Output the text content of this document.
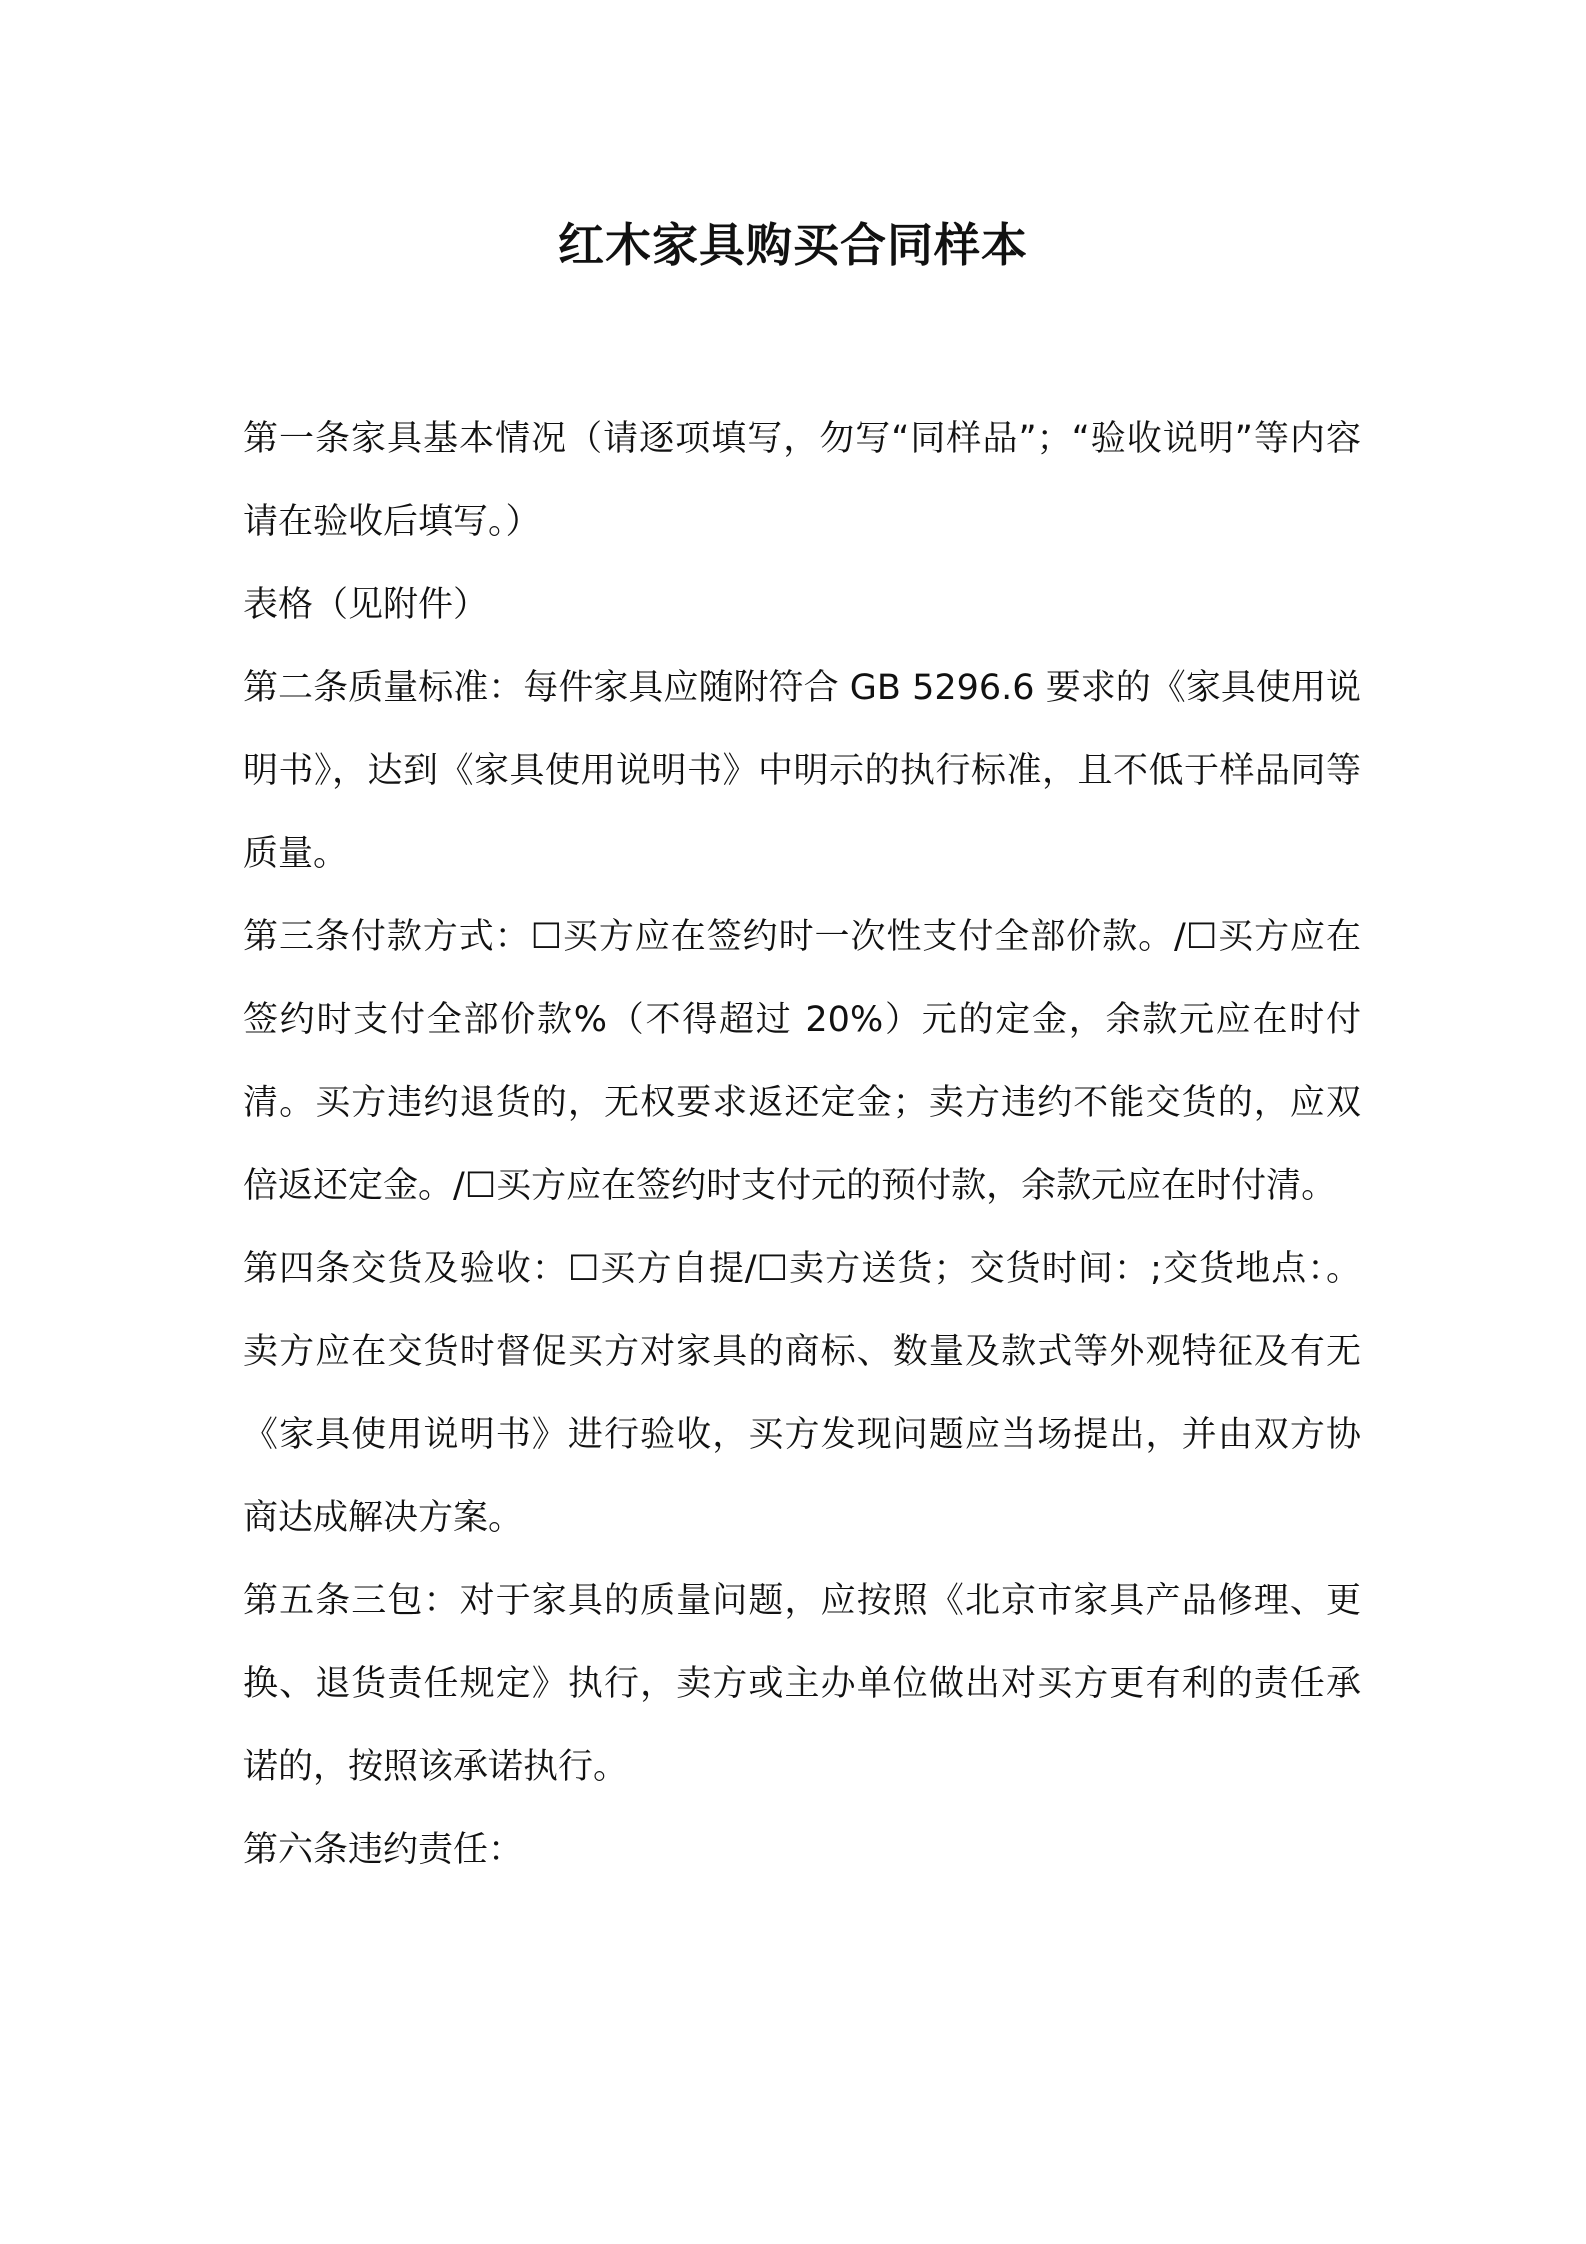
红木家具购买合同样本

第一条家具基本情况（请逐项填写，勿写“同样品”；“验收说明”等内容请在验收后填写。）

表格（见附件）

第二条质量标准：每件家具应随附符合 GB 5296.6 要求的《家具使用说明书》，达到《家具使用说明书》中明示的执行标准，且不低于样品同等质量。

第三条付款方式：☐买方应在签约时一次性支付全部价款。/☐买方应在签约时支付全部价款%（不得超过 20%）元的定金，余款元应在时付清。买方违约退货的，无权要求返还定金；卖方违约不能交货的，应双倍返还定金。/☐买方应在签约时支付元的预付款，余款元应在时付清。

第四条交货及验收：☐买方自提/☐卖方送货；交货时间：;交货地点：。卖方应在交货时督促买方对家具的商标、数量及款式等外观特征及有无《家具使用说明书》进行验收，买方发现问题应当场提出，并由双方协商达成解决方案。

第五条三包：对于家具的质量问题，应按照《北京市家具产品修理、更换、退货责任规定》执行，卖方或主办单位做出对买方更有利的责任承诺的，按照该承诺执行。

第六条违约责任：
